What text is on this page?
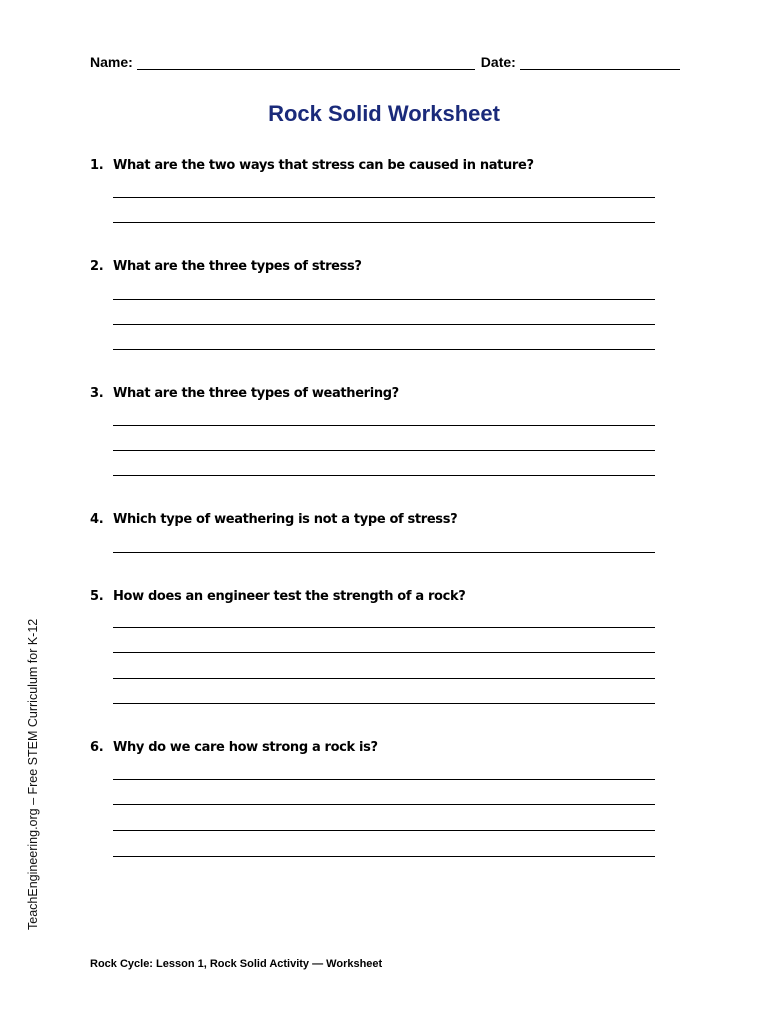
Name:	Date:
Rock Solid Worksheet
1. What are the two ways that stress can be caused in nature?
2. What are the three types of stress?
3. What are the three types of weathering?
4. Which type of weathering is not a type of stress?
5. How does an engineer test the strength of a rock?
6. Why do we care how strong a rock is?
TeachEngineering.org – Free STEM Curriculum for K-12
Rock Cycle: Lesson 1, Rock Solid Activity — Worksheet
